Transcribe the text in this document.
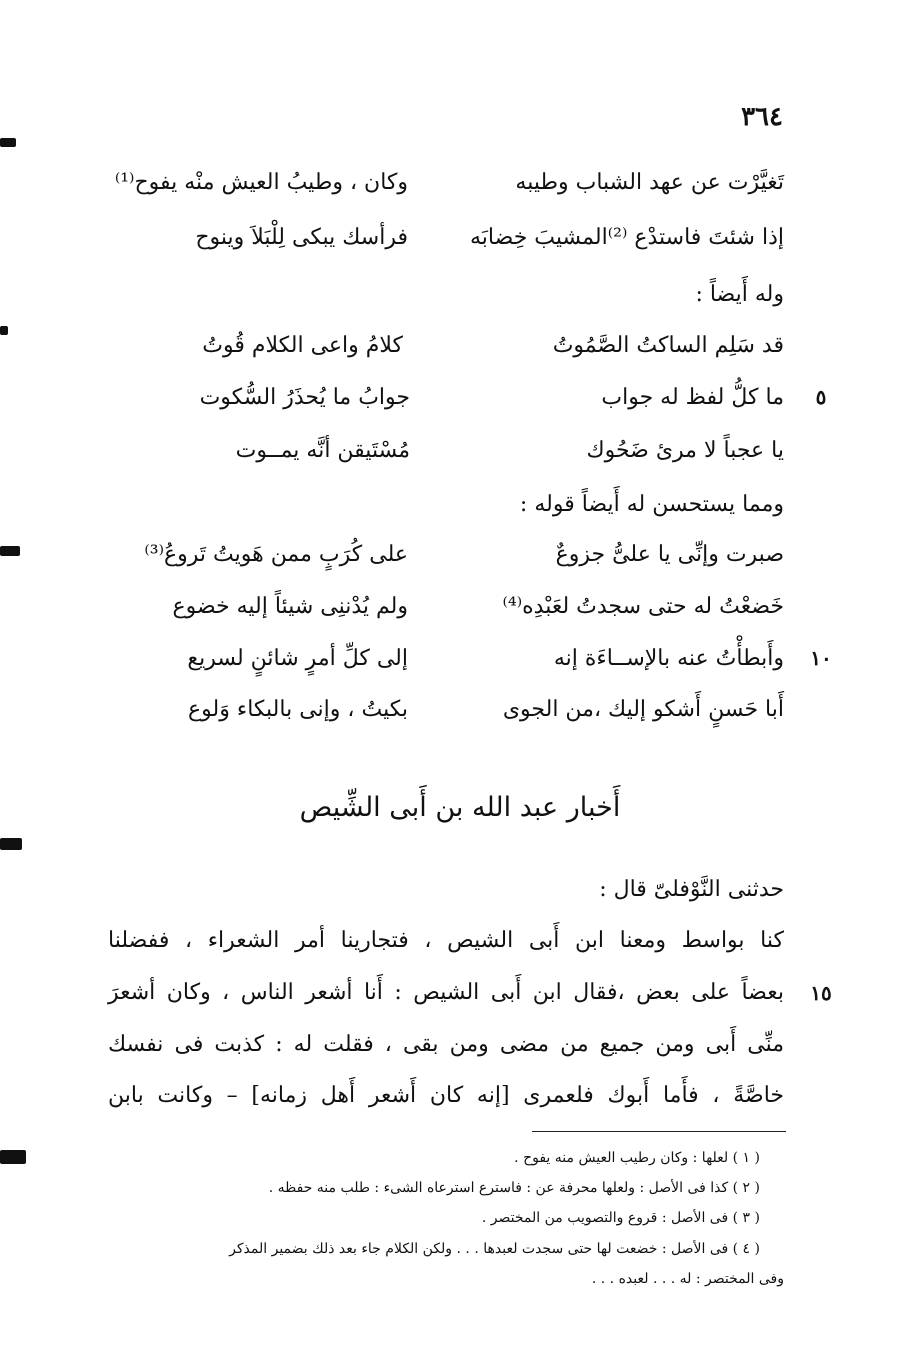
٣٦٤
تَغيَّرْت عن عهد الشباب وطيبه
وكان ، وطيبُ العيش منْه يفوح⁽¹⁾
إذا شئتَ فاستدْع ⁽²⁾المشيبَ خِضابَه
فرأسك يبكى لِلْبَلاَ وينوح
وله أَيضاً :
قد سَلِم الساكتُ الصَّمُوتُ
كلامُ واعى الكلام قُوتُ
ما كلُّ لفظ له جواب
جوابُ ما يُحذَرُ السُّكوت	٥
يا عجباً لا مرئ ضَحُوك
مُسْتَيقن أنَّه يمــوت
ومما يستحسن له أَيضاً قوله :
صبرت وإنِّى يا علىُّ جزوعٌ
على كُرَبٍ ممن هَويتُ تَروعُ⁽³⁾
خَضعْتُ له حتى سجدتُ لعَبْدِه⁽⁴⁾
ولم يُدْننِى شيئاً إليه خضوع
وأَبطأْتُ عنه بالإســاءَة إنه
إلى كلِّ أمرٍ شائنٍ لسريع	١٠
أَبا حَسنٍ أَشكو إليك ،من الجوى
بكيتُ ، وإنى بالبكاء وَلوع
أَخبار عبد الله بن أَبى الشِّيص
حدثنى النَّوْفلىّ قال :
كنا بواسط ومعنا ابن أَبى الشيص ، فتجارينا أمر الشعراء ، ففضلنا
بعضاً على بعض ،فقال ابن أَبى الشيص : أَنا أشعر الناس ، وكان أشعرَ ١٥
منِّى أَبى ومن جميع من مضى ومن بقى ، فقلت له : كذبت فى نفسك
خاصَّةً ، فأَما أَبوك فلعمرى [إنه كان أَشعر أَهل زمانه] – وكانت بابن
( ١ ) لعلها : وكان رطيب العيش منه يفوح .
( ٢ ) كذا فى الأصل : ولعلها محرفة عن : فاسترع استرعاه الشىء : طلب منه حفظه .
( ٣ ) فى الأصل : قروع والتصويب من المختصر .
( ٤ ) فى الأصل : خضعت لها حتى سجدت لعبدها . . . ولكن الكلام جاء بعد ذلك بضمير المذكر
وفى المختصر : له . . . لعبده . . .
